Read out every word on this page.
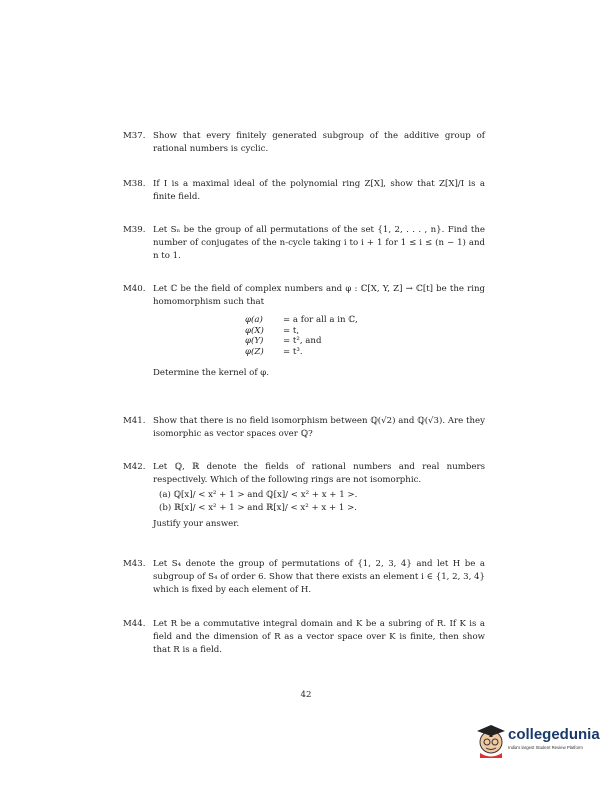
M37. Show that every finitely generated subgroup of the additive group of rational numbers is cyclic.

M38. If I is a maximal ideal of the polynomial ring Z[X], show that Z[X]/I is a finite field.

M39. Let Sₙ be the group of all permutations of the set {1, 2, . . . , n}. Find the number of conjugates of the n-cycle taking i to i + 1 for 1 ≤ i ≤ (n − 1) and n to 1.

M40. Let ℂ be the field of complex numbers and φ : ℂ[X, Y, Z] → ℂ[t] be the ring homomorphism such that

φ(a)	= a for all a in ℂ,
φ(X)	= t,
φ(Y)	= t², and
φ(Z)	= t³.

Determine the kernel of φ.

M41. Show that there is no field isomorphism between ℚ(√2) and ℚ(√3). Are they isomorphic as vector spaces over ℚ?

M42. Let ℚ, ℝ denote the fields of rational numbers and real numbers respectively. Which of the following rings are not isomorphic.

(a) ℚ[x]/ < x² + 1 > and ℚ[x]/ < x² + x + 1 >.
(b) ℝ[x]/ < x² + 1 > and ℝ[x]/ < x² + x + 1 >.

Justify your answer.

M43. Let S₄ denote the group of permutations of {1, 2, 3, 4} and let H be a subgroup of S₄ of order 6. Show that there exists an element i ∈ {1, 2, 3, 4} which is fixed by each element of H.

M44. Let R be a commutative integral domain and K be a subring of R. If K is a field and the dimension of R as a vector space over K is finite, then show that R is a field.

42
collegedunia
India's largest Student Review Platform
